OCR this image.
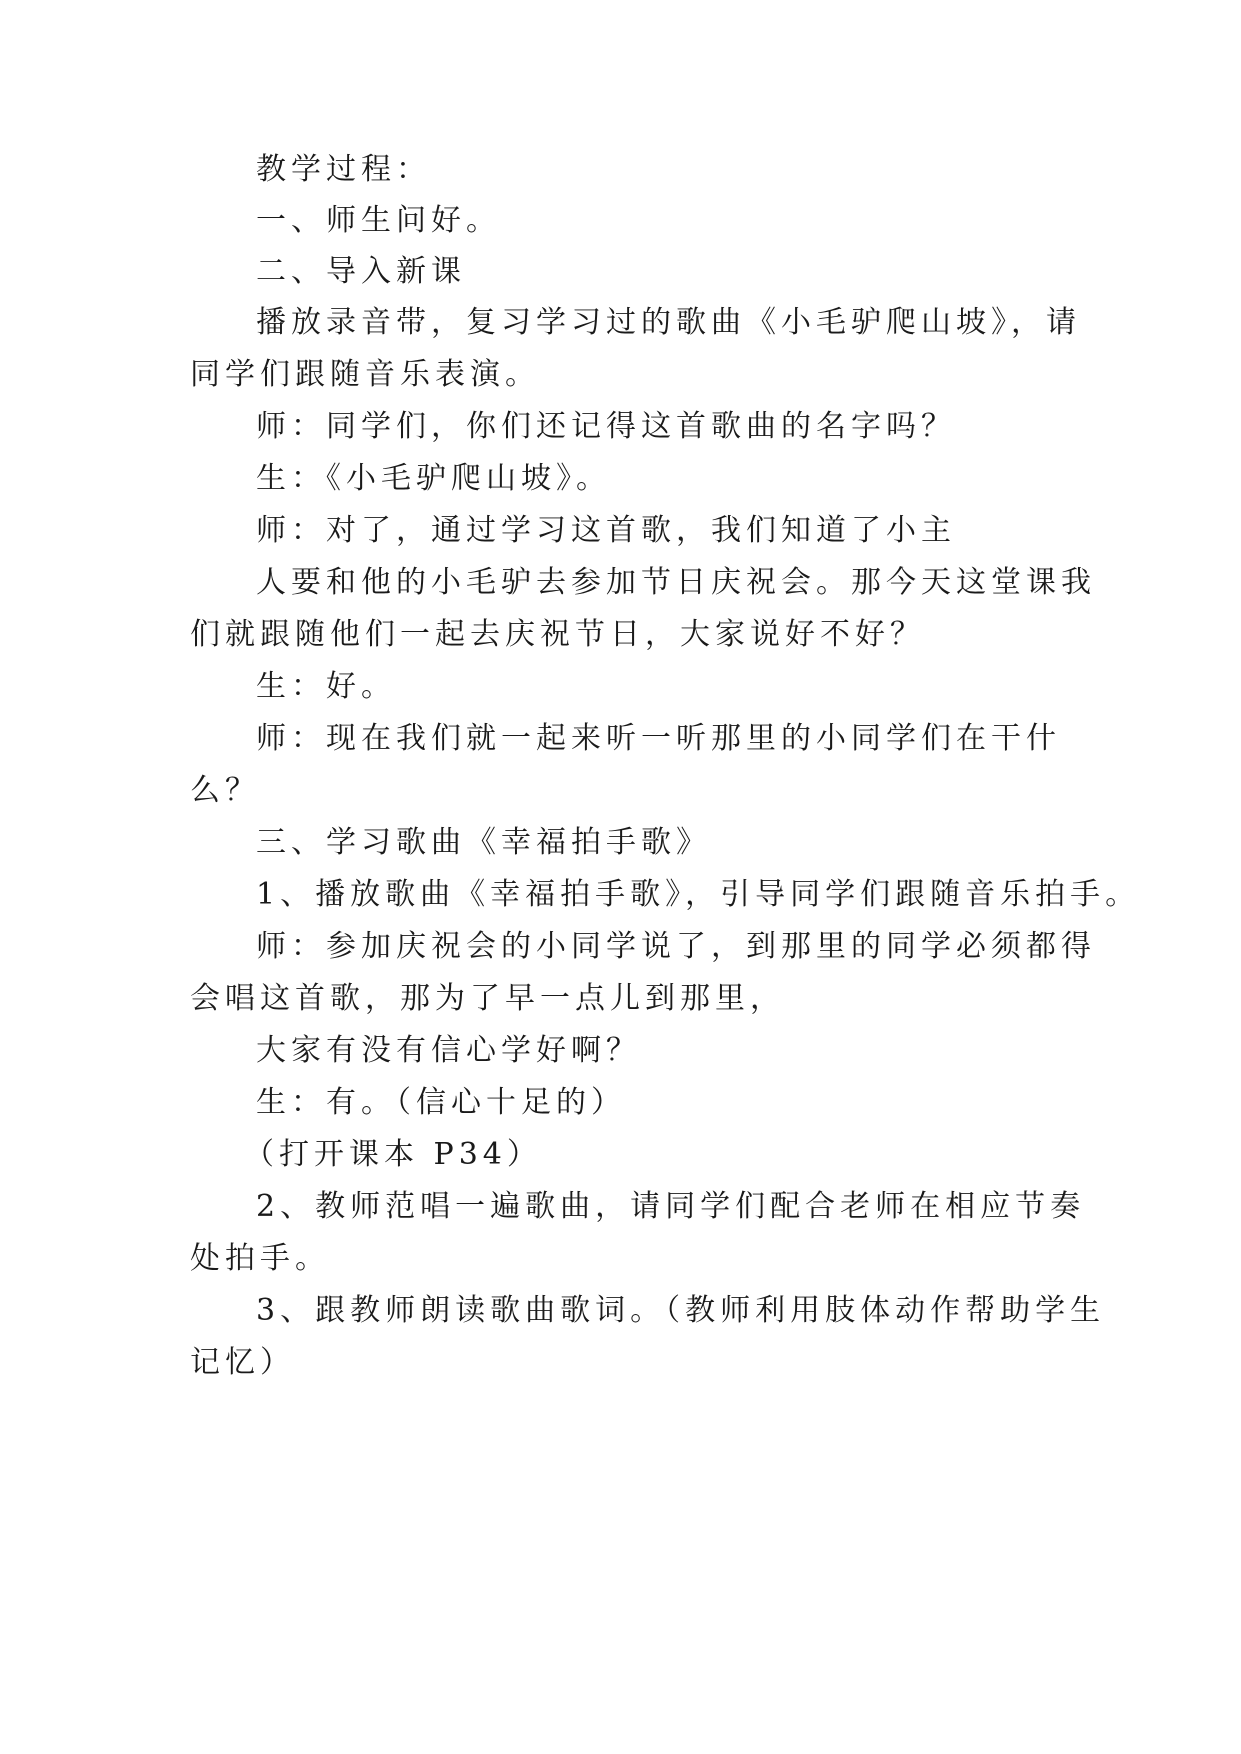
教学过程：
一、师生问好。
二、导入新课
播放录音带，复习学习过的歌曲《小毛驴爬山坡》，请
同学们跟随音乐表演。
师：同学们，你们还记得这首歌曲的名字吗？
生：《小毛驴爬山坡》。
师：对了，通过学习这首歌，我们知道了小主
人要和他的小毛驴去参加节日庆祝会。那今天这堂课我
们就跟随他们一起去庆祝节日，大家说好不好？
生：好。
师：现在我们就一起来听一听那里的小同学们在干什
么？
三、学习歌曲《幸福拍手歌》
1、播放歌曲《幸福拍手歌》，引导同学们跟随音乐拍手。
师：参加庆祝会的小同学说了，到那里的同学必须都得
会唱这首歌，那为了早一点儿到那里，
大家有没有信心学好啊？
生：有。（信心十足的）
（打开课本 P34）
2、教师范唱一遍歌曲，请同学们配合老师在相应节奏
处拍手。
3、跟教师朗读歌曲歌词。（教师利用肢体动作帮助学生
记忆）
